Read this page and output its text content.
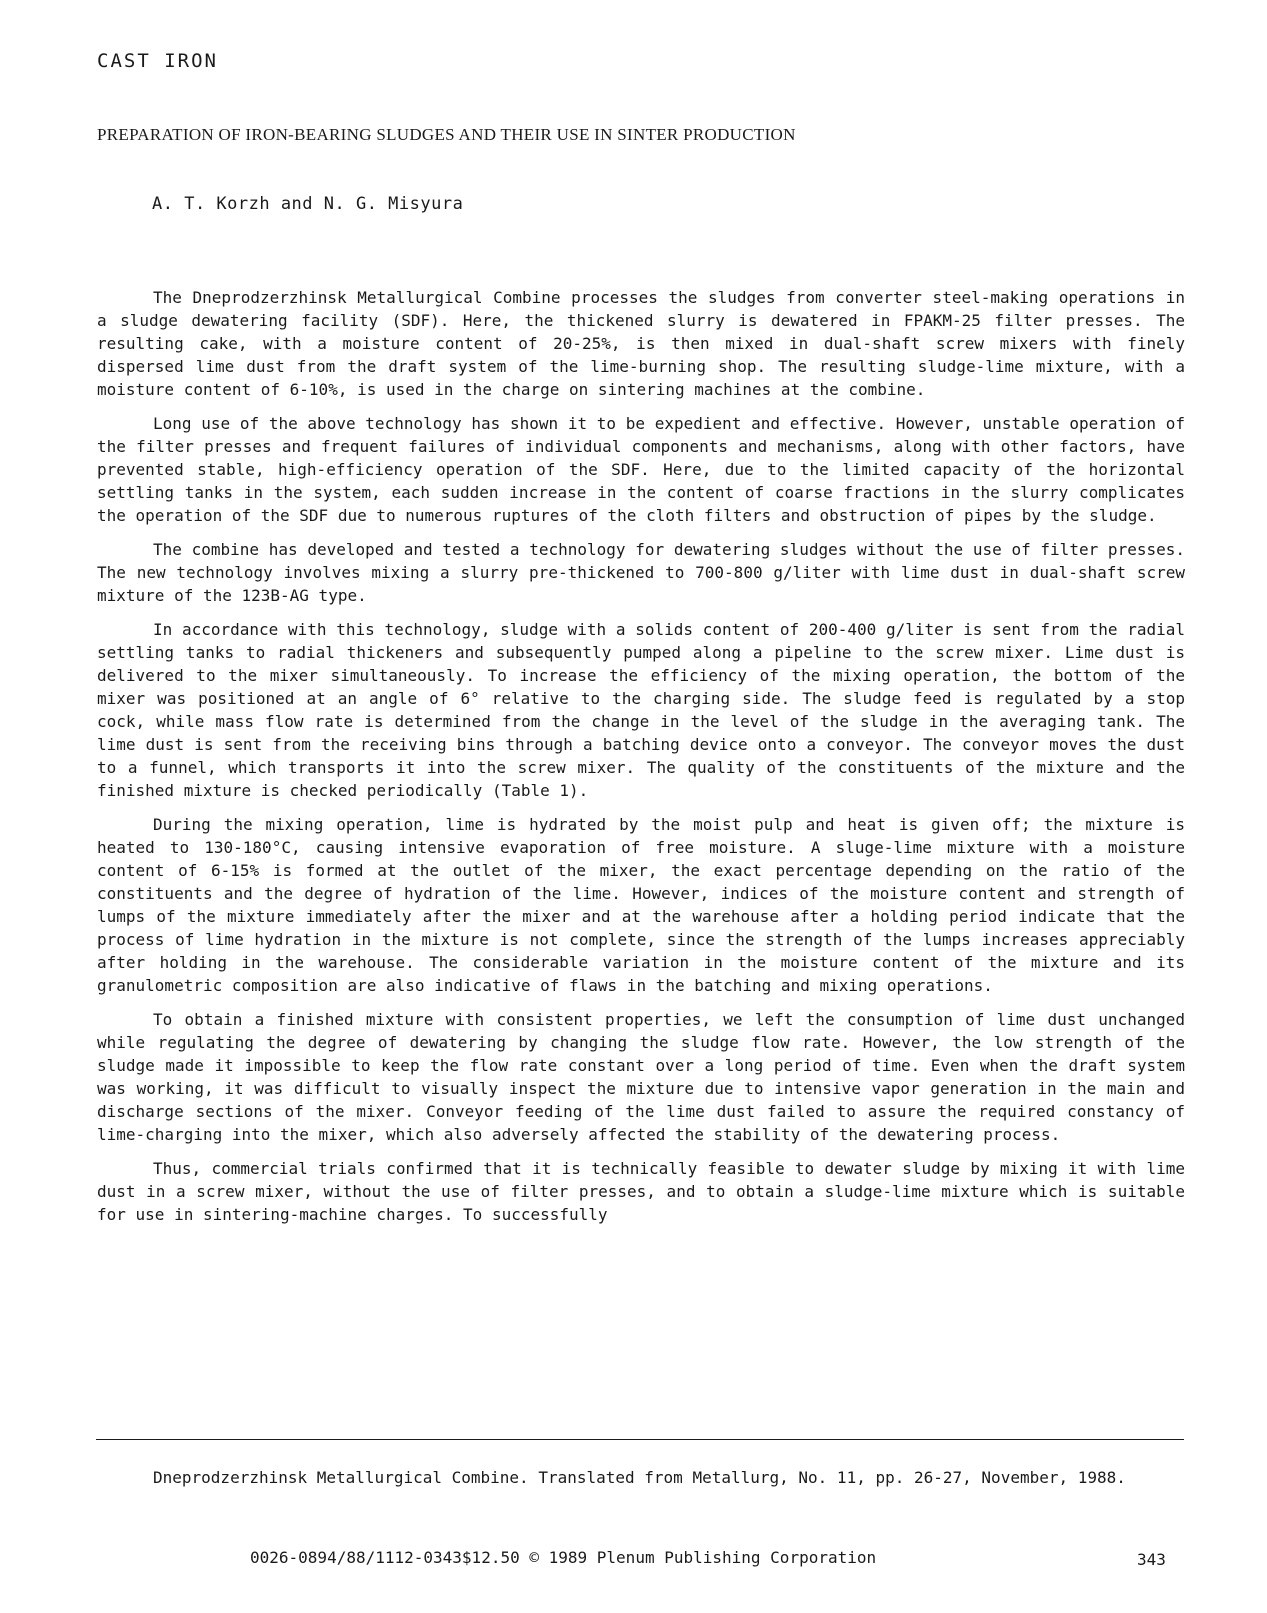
CAST IRON
PREPARATION OF IRON-BEARING SLUDGES AND THEIR USE IN SINTER PRODUCTION
A. T. Korzh and N. G. Misyura

The Dneprodzerzhinsk Metallurgical Combine processes the sludges from converter steel-making operations in a sludge dewatering facility (SDF). Here, the thickened slurry is dewatered in FPAKM-25 filter presses. The resulting cake, with a moisture content of 20-25%, is then mixed in dual-shaft screw mixers with finely dispersed lime dust from the draft system of the lime-burning shop. The resulting sludge-lime mixture, with a moisture content of 6-10%, is used in the charge on sintering machines at the combine.

Long use of the above technology has shown it to be expedient and effective. However, unstable operation of the filter presses and frequent failures of individual components and mechanisms, along with other factors, have prevented stable, high-efficiency operation of the SDF. Here, due to the limited capacity of the horizontal settling tanks in the system, each sudden increase in the content of coarse fractions in the slurry complicates the operation of the SDF due to numerous ruptures of the cloth filters and obstruction of pipes by the sludge.

The combine has developed and tested a technology for dewatering sludges without the use of filter presses. The new technology involves mixing a slurry pre-thickened to 700-800 g/liter with lime dust in dual-shaft screw mixture of the 123B-AG type.

In accordance with this technology, sludge with a solids content of 200-400 g/liter is sent from the radial settling tanks to radial thickeners and subsequently pumped along a pipeline to the screw mixer. Lime dust is delivered to the mixer simultaneously. To increase the efficiency of the mixing operation, the bottom of the mixer was positioned at an angle of 6° relative to the charging side. The sludge feed is regulated by a stop cock, while mass flow rate is determined from the change in the level of the sludge in the averaging tank. The lime dust is sent from the receiving bins through a batching device onto a conveyor. The conveyor moves the dust to a funnel, which transports it into the screw mixer. The quality of the constituents of the mixture and the finished mixture is checked periodically (Table 1).

During the mixing operation, lime is hydrated by the moist pulp and heat is given off; the mixture is heated to 130-180°C, causing intensive evaporation of free moisture. A sluge-lime mixture with a moisture content of 6-15% is formed at the outlet of the mixer, the exact percentage depending on the ratio of the constituents and the degree of hydration of the lime. However, indices of the moisture content and strength of lumps of the mixture immediately after the mixer and at the warehouse after a holding period indicate that the process of lime hydration in the mixture is not complete, since the strength of the lumps increases appreciably after holding in the warehouse. The considerable variation in the moisture content of the mixture and its granulometric composition are also indicative of flaws in the batching and mixing operations.

To obtain a finished mixture with consistent properties, we left the consumption of lime dust unchanged while regulating the degree of dewatering by changing the sludge flow rate. However, the low strength of the sludge made it impossible to keep the flow rate constant over a long period of time. Even when the draft system was working, it was difficult to visually inspect the mixture due to intensive vapor generation in the main and discharge sections of the mixer. Conveyor feeding of the lime dust failed to assure the required constancy of lime-charging into the mixer, which also adversely affected the stability of the dewatering process.

Thus, commercial trials confirmed that it is technically feasible to dewater sludge by mixing it with lime dust in a screw mixer, without the use of filter presses, and to obtain a sludge-lime mixture which is suitable for use in sintering-machine charges. To successfully

Dneprodzerzhinsk Metallurgical Combine. Translated from Metallurg, No. 11, pp. 26-27, November, 1988.
0026-0894/88/1112-0343$12.50 © 1989 Plenum Publishing Corporation	343
